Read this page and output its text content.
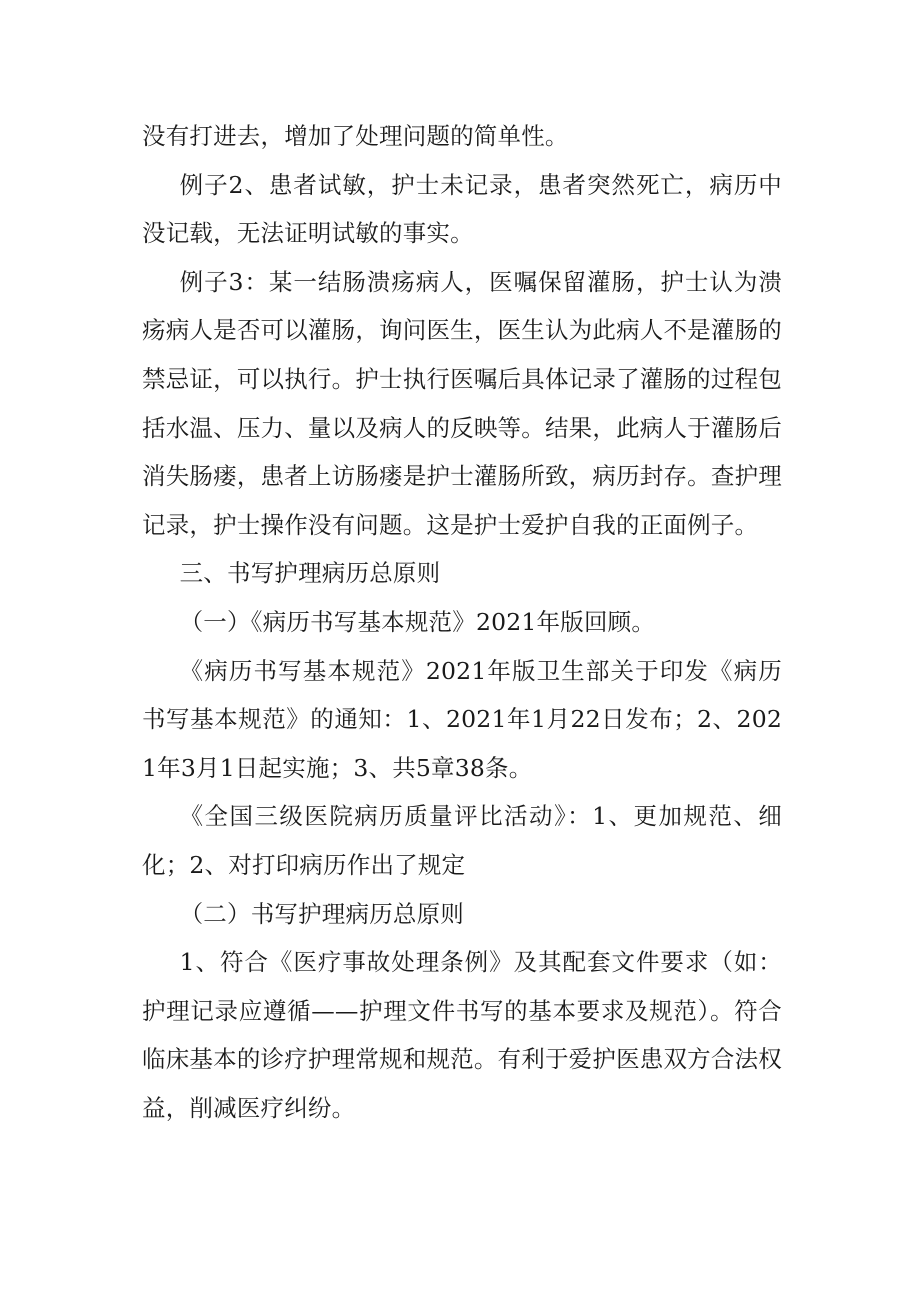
没有打进去，增加了处理问题的简单性。

例子2、患者试敏，护士未记录，患者突然死亡，病历中没记载，无法证明试敏的事实。

例子3：某一结肠溃疡病人，医嘱保留灌肠，护士认为溃疡病人是否可以灌肠，询问医生，医生认为此病人不是灌肠的禁忌证，可以执行。护士执行医嘱后具体记录了灌肠的过程包括水温、压力、量以及病人的反映等。结果，此病人于灌肠后消失肠瘘，患者上访肠瘘是护士灌肠所致，病历封存。查护理记录，护士操作没有问题。这是护士爱护自我的正面例子。

三、书写护理病历总原则

（一）《病历书写基本规范》2021年版回顾。

《病历书写基本规范》2021年版卫生部关于印发《病历书写基本规范》的通知：1、2021年1月22日发布；2、2021年3月1日起实施；3、共5章38条。

《全国三级医院病历质量评比活动》：1、更加规范、细化；2、对打印病历作出了规定

（二）书写护理病历总原则

1、符合《医疗事故处理条例》及其配套文件要求（如：护理记录应遵循——护理文件书写的基本要求及规范）。符合临床基本的诊疗护理常规和规范。有利于爱护医患双方合法权益，削减医疗纠纷。
